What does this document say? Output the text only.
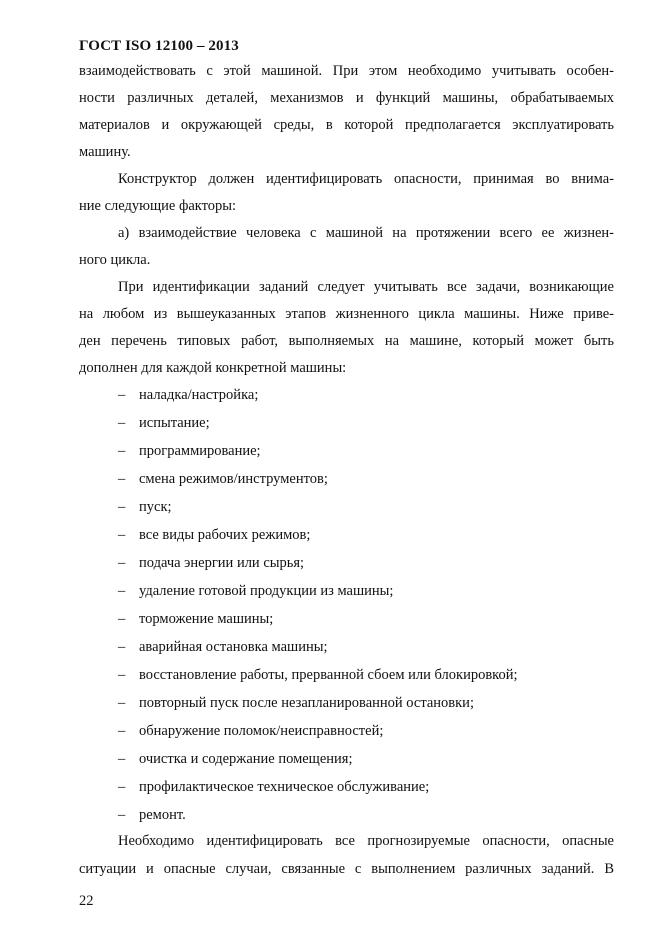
ГОСТ ISO 12100 – 2013
взаимодействовать с этой машиной. При этом необходимо учитывать особен-
ности различных деталей, механизмов и функций машины, обрабатываемых
материалов и окружающей среды, в которой предполагается эксплуатировать
машину.
Конструктор должен идентифицировать опасности, принимая во внима-
ние следующие факторы:
а) взаимодействие человека с машиной на протяжении всего ее жизнен-
ного цикла.
При идентификации заданий следует учитывать все задачи, возникающие
на любом из вышеуказанных этапов жизненного цикла машины. Ниже приве-
ден перечень типовых работ, выполняемых на машине, который может быть
дополнен для каждой конкретной машины:
– наладка/настройка;
– испытание;
– программирование;
– смена режимов/инструментов;
– пуск;
– все виды рабочих режимов;
– подача энергии или сырья;
– удаление готовой продукции из машины;
– торможение машины;
– аварийная остановка машины;
– восстановление работы, прерванной сбоем или блокировкой;
– повторный пуск после незапланированной остановки;
– обнаружение поломок/неисправностей;
– очистка и содержание помещения;
– профилактическое техническое обслуживание;
– ремонт.
Необходимо идентифицировать все прогнозируемые опасности, опасные
ситуации и опасные случаи, связанные с выполнением различных заданий. В
22
